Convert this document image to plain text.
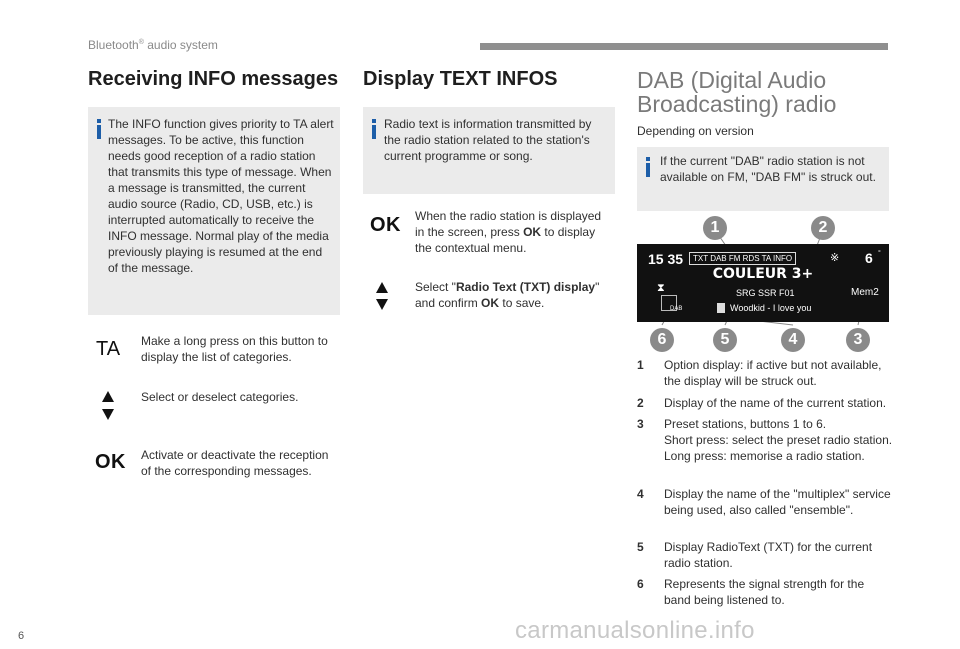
Bluetooth® audio system
Receiving INFO messages

The INFO function gives priority to TA alert messages. To be active, this function needs good reception of a radio station that transmits this type of message. When a message is transmitted, the current audio source (Radio, CD, USB, etc.) is interrupted automatically to receive the INFO message. Normal play of the media previously playing is resumed at the end of the message.

TA Make a long press on this button to display the list of categories.

Select or deselect categories.

OK Activate or deactivate the reception of the corresponding messages.

Display TEXT INFOS

Radio text is information transmitted by the radio station related to the station's current programme or song.

OK When the radio station is displayed in the screen, press OK to display the contextual menu.

Select "Radio Text (TXT) display" and confirm OK to save.

DAB (Digital Audio
Broadcasting) radio

Depending on version

If the current "DAB" radio station is not available on FM, "DAB FM" is struck out.

1	2
15 35	TXT DAB FM RDS TA INFO	※ 6 °
COULEUR 3+
SRG SSR F01	Mem2
⧗
DAB	Woodkid - I love you
6	5	4	3
1 Option display: if active but not available, the display will be struck out.
2 Display of the name of the current station.
3 Preset stations, buttons 1 to 6.
Short press: select the preset radio station.
Long press: memorise a radio station.
4 Display the name of the "multiplex" service being used, also called "ensemble".
5 Display RadioText (TXT) for the current radio station.
6 Represents the signal strength for the band being listened to.
6	carmanualsonline.info
